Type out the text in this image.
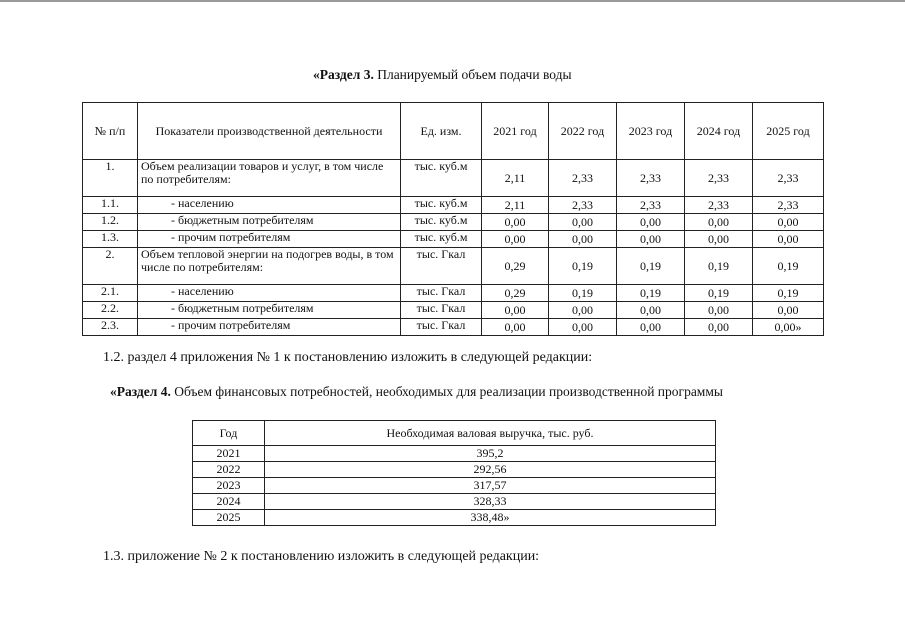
«Раздел 3. Планируемый объем подачи воды
№ п/п	Показатели производственной деятельности	Ед. изм.	2021 год	2022 год	2023 год	2024 год	2025 год
1.	Объем реализации товаров и услуг, в том числе по потребителям:	тыс. куб.м	2,11	2,33	2,33	2,33	2,33
1.1.	- населению	тыс. куб.м	2,11	2,33	2,33	2,33	2,33
1.2.	- бюджетным потребителям	тыс. куб.м	0,00	0,00	0,00	0,00	0,00
1.3.	- прочим потребителям	тыс. куб.м	0,00	0,00	0,00	0,00	0,00
2.	Объем тепловой энергии на подогрев воды, в том числе по потребителям:	тыс. Гкал	0,29	0,19	0,19	0,19	0,19
2.1.	- населению	тыс. Гкал	0,29	0,19	0,19	0,19	0,19
2.2.	- бюджетным потребителям	тыс. Гкал	0,00	0,00	0,00	0,00	0,00
2.3.	- прочим потребителям	тыс. Гкал	0,00	0,00	0,00	0,00	0,00»
1.2. раздел 4 приложения № 1 к постановлению изложить в следующей редакции:
«Раздел 4. Объем финансовых потребностей, необходимых для реализации производственной программы
Год	Необходимая валовая выручка, тыс. руб.
2021	395,2
2022	292,56
2023	317,57
2024	328,33
2025	338,48»
1.3. приложение № 2 к постановлению изложить в следующей редакции:
